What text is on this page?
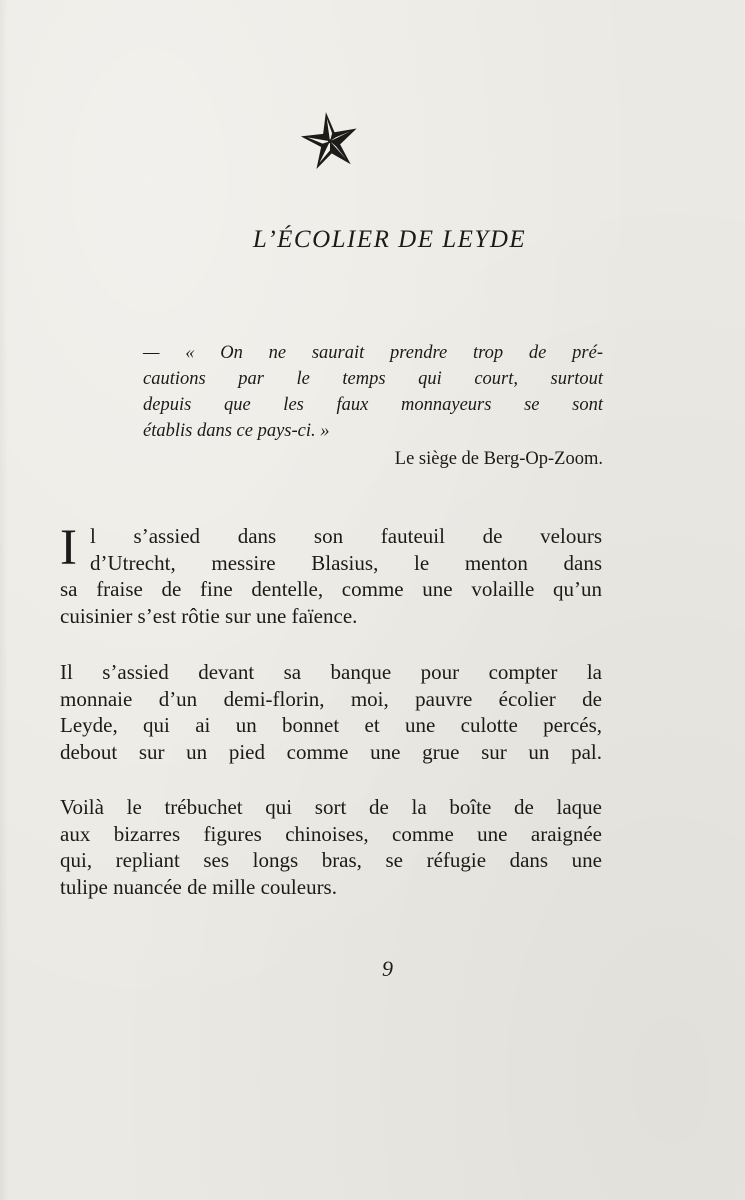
L’ÉCOLIER DE LEYDE
— « On ne saurait prendre trop de pré-
cautions par le temps qui court, surtout
depuis que les faux monnayeurs se sont
établis dans ce pays-ci. »
Le siège de Berg-Op-Zoom.
I l s’assied dans son fauteuil de velours
d’Utrecht, messire Blasius, le menton dans
sa fraise de fine dentelle, comme une volaille qu’un
cuisinier s’est rôtie sur une faïence.
Il s’assied devant sa banque pour compter la
monnaie d’un demi-florin, moi, pauvre écolier de
Leyde, qui ai un bonnet et une culotte percés,
debout sur un pied comme une grue sur un pal.
Voilà le trébuchet qui sort de la boîte de laque
aux bizarres figures chinoises, comme une araignée
qui, repliant ses longs bras, se réfugie dans une
tulipe nuancée de mille couleurs.
9
